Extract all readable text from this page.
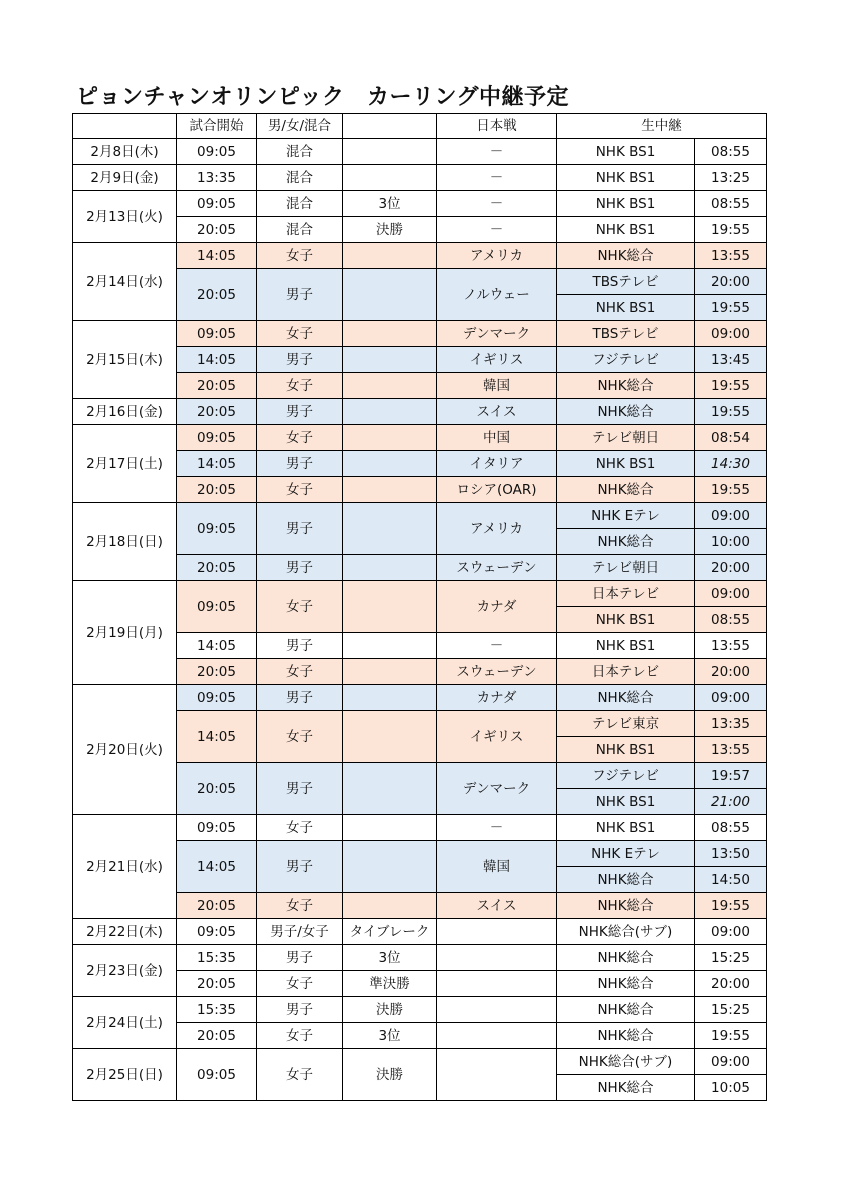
ピョンチャンオリンピック　カーリング中継予定
	試合開始	男/女/混合		日本戦	生中継	
2月8日(木)	09:05	混合		－	NHK BS1	08:55
2月9日(金)	13:35	混合		－	NHK BS1	13:25
2月13日(火)	09:05	混合	3位	－	NHK BS1	08:55
	20:05	混合	決勝	－	NHK BS1	19:55
2月14日(水)	14:05	女子		アメリカ	NHK総合	13:55
	20:05	男子		ノルウェー	TBSテレビ	20:00
					NHK BS1	19:55
2月15日(木)	09:05	女子		デンマーク	TBSテレビ	09:00
	14:05	男子		イギリス	フジテレビ	13:45
	20:05	女子		韓国	NHK総合	19:55
2月16日(金)	20:05	男子		スイス	NHK総合	19:55
2月17日(土)	09:05	女子		中国	テレビ朝日	08:54
	14:05	男子		イタリア	NHK BS1	14:30
	20:05	女子		ロシア(OAR)	NHK総合	19:55
2月18日(日)	09:05	男子		アメリカ	NHK Eテレ	09:00
					NHK総合	10:00
	20:05	男子		スウェーデン	テレビ朝日	20:00
2月19日(月)	09:05	女子		カナダ	日本テレビ	09:00
					NHK BS1	08:55
	14:05	男子		－	NHK BS1	13:55
	20:05	女子		スウェーデン	日本テレビ	20:00
2月20日(火)	09:05	男子		カナダ	NHK総合	09:00
	14:05	女子		イギリス	テレビ東京	13:35
					NHK BS1	13:55
	20:05	男子		デンマーク	フジテレビ	19:57
					NHK BS1	21:00
2月21日(水)	09:05	女子		－	NHK BS1	08:55
	14:05	男子		韓国	NHK Eテレ	13:50
					NHK総合	14:50
	20:05	女子		スイス	NHK総合	19:55
2月22日(木)	09:05	男子/女子	タイブレーク		NHK総合(サブ)	09:00
2月23日(金)	15:35	男子	3位		NHK総合	15:25
	20:05	女子	準決勝		NHK総合	20:00
2月24日(土)	15:35	男子	決勝		NHK総合	15:25
	20:05	女子	3位		NHK総合	19:55
2月25日(日)	09:05	女子	決勝		NHK総合(サブ)	09:00
					NHK総合	10:05
